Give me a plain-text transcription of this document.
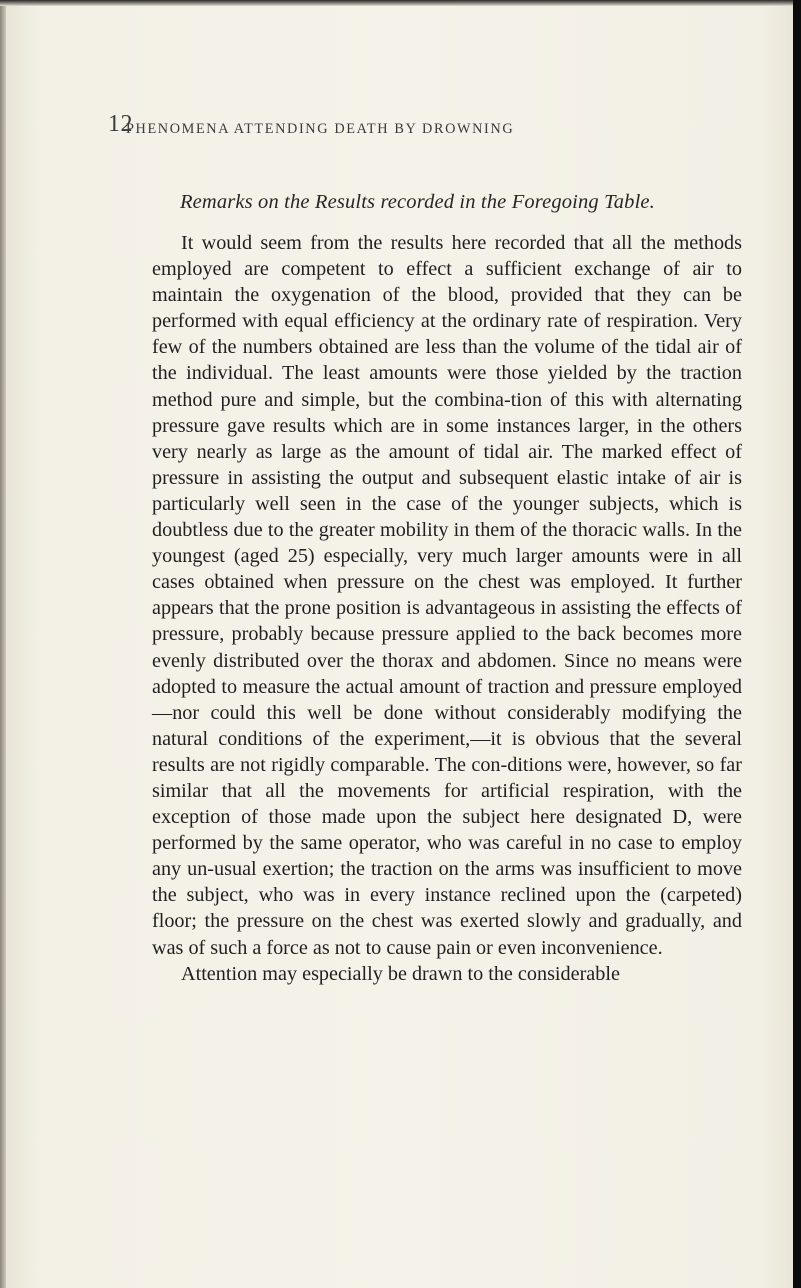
12
PHENOMENA ATTENDING DEATH BY DROWNING
Remarks on the Results recorded in the Foregoing Table.

It would seem from the results here recorded that all the methods employed are competent to effect a sufficient exchange of air to maintain the oxygenation of the blood, provided that they can be performed with equal efficiency at the ordinary rate of respiration. Very few of the numbers obtained are less than the volume of the tidal air of the individual. The least amounts were those yielded by the traction method pure and simple, but the combina-tion of this with alternating pressure gave results which are in some instances larger, in the others very nearly as large as the amount of tidal air. The marked effect of pressure in assisting the output and subsequent elastic intake of air is particularly well seen in the case of the younger subjects, which is doubtless due to the greater mobility in them of the thoracic walls. In the youngest (aged 25) especially, very much larger amounts were in all cases obtained when pressure on the chest was employed. It further appears that the prone position is advantageous in assisting the effects of pressure, probably because pressure applied to the back becomes more evenly distributed over the thorax and abdomen. Since no means were adopted to measure the actual amount of traction and pressure employed —nor could this well be done without considerably modifying the natural conditions of the experiment,—it is obvious that the several results are not rigidly comparable. The con-ditions were, however, so far similar that all the movements for artificial respiration, with the exception of those made upon the subject here designated D, were performed by the same operator, who was careful in no case to employ any un-usual exertion; the traction on the arms was insufficient to move the subject, who was in every instance reclined upon the (carpeted) floor; the pressure on the chest was exerted slowly and gradually, and was of such a force as not to cause pain or even inconvenience.

Attention may especially be drawn to the considerable
